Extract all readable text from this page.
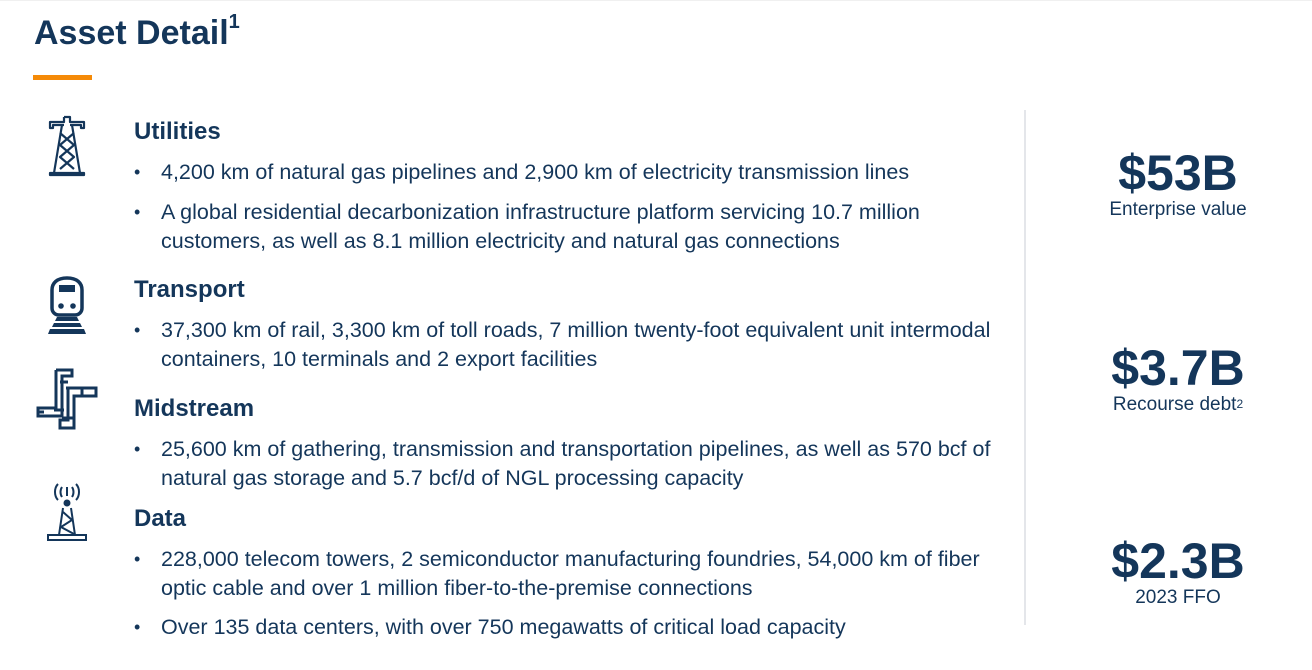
Asset Detail$^1$
Utilities
• 4,200 km of natural gas pipelines and 2,900 km of electricity transmission lines
• A global residential decarbonization infrastructure platform servicing 10.7 million customers, as well as 8.1 million electricity and natural gas connections
Transport
• 37,300 km of rail, 3,300 km of toll roads, 7 million twenty-foot equivalent unit intermodal containers, 10 terminals and 2 export facilities
Midstream
• 25,600 km of gathering, transmission and transportation pipelines, as well as 570 bcf of natural gas storage and 5.7 bcf/d of NGL processing capacity
Data
• 228,000 telecom towers, 2 semiconductor manufacturing foundries, 54,000 km of fiber optic cable and over 1 million fiber-to-the-premise connections
• Over 135 data centers, with over 750 megawatts of critical load capacity
$53B
Enterprise value
$3.7B
Recourse debt$^2$
$2.3B
2023 FFO
